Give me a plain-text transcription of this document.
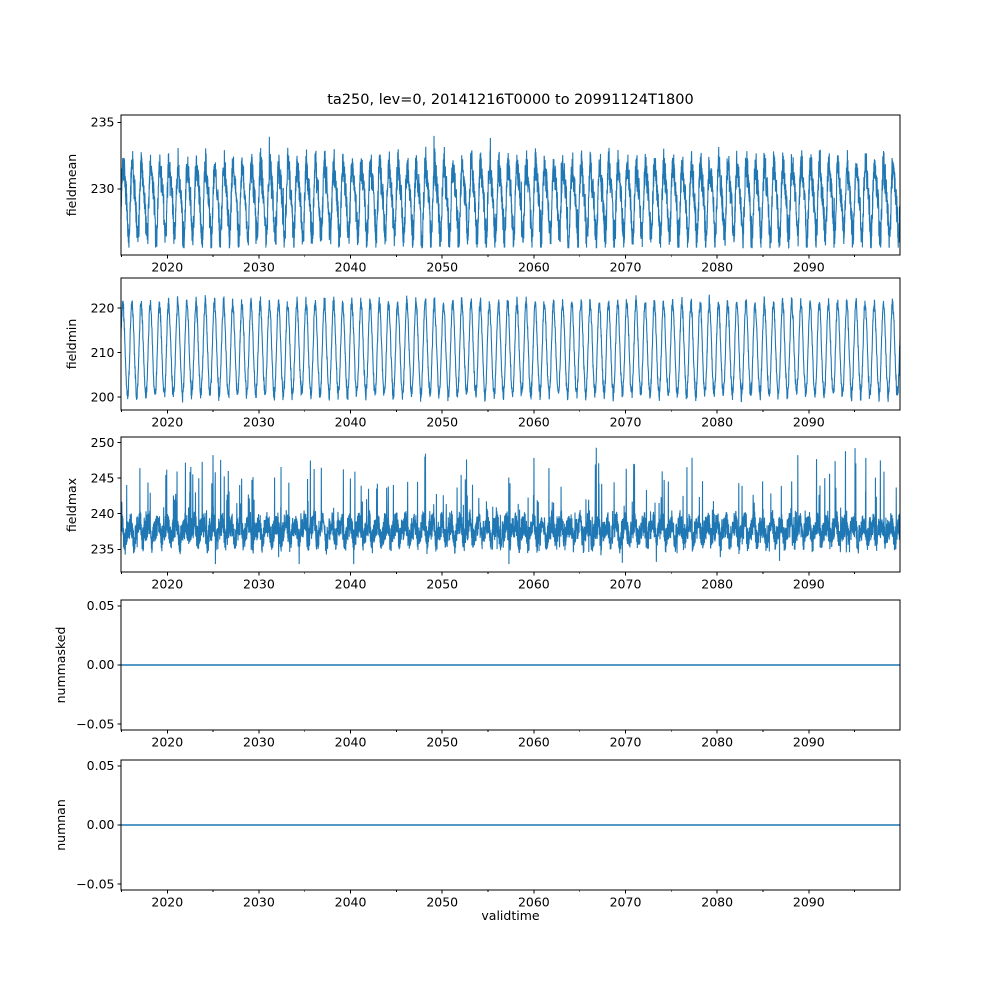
ta250, lev=0, 20141216T0000 to 20991124T1800
2020	2030	2040	2050	2060	2070	2080	2090
230
235
2020	2030	2040	2050	2060	2070	2080	2090
200
210
220
2020	2030	2040	2050	2060	2070	2080	2090
235
240
245
250
2020	2030	2040	2050	2060	2070	2080	2090
0.05
0.00
−0.05
2020	2030	2040	2050	2060	2070	2080	2090
0.05
0.00
−0.05
validtime
fieldmean
fieldmin
fieldmax
nummasked
numnan
